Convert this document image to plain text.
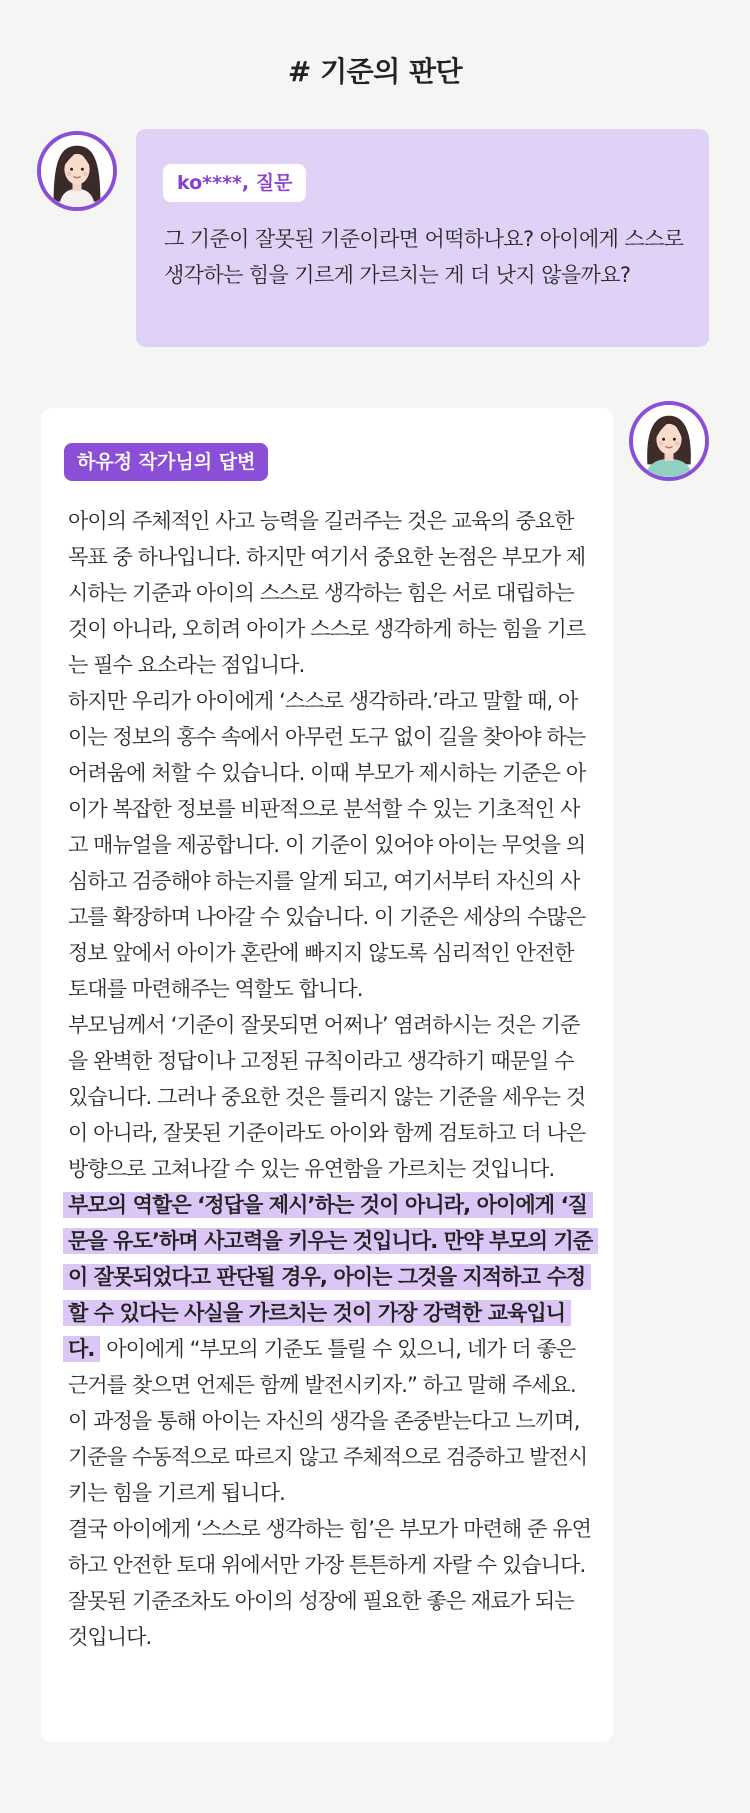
# 기준의 판단
ko****, 질문
그 기준이 잘못된 기준이라면 어떡하나요? 아이에게 스스로 생각하는 힘을 기르게 가르치는 게 더 낫지 않을까요?
하유정 작가님의 답변

아이의 주체적인 사고 능력을 길러주는 것은 교육의 중요한 목표 중 하나입니다. 하지만 여기서 중요한 논점은 부모가 제시하는 기준과 아이의 스스로 생각하는 힘은 서로 대립하는 것이 아니라, 오히려 아이가 스스로 생각하게 하는 힘을 기르는 필수 요소라는 점입니다.

하지만 우리가 아이에게 ‘스스로 생각하라.’라고 말할 때, 아이는 정보의 홍수 속에서 아무런 도구 없이 길을 찾아야 하는 어려움에 처할 수 있습니다. 이때 부모가 제시하는 기준은 아이가 복잡한 정보를 비판적으로 분석할 수 있는 기초적인 사고 매뉴얼을 제공합니다. 이 기준이 있어야 아이는 무엇을 의심하고 검증해야 하는지를 알게 되고, 여기서부터 자신의 사고를 확장하며 나아갈 수 있습니다. 이 기준은 세상의 수많은 정보 앞에서 아이가 혼란에 빠지지 않도록 심리적인 안전한 토대를 마련해주는 역할도 합니다.

부모님께서 ‘기준이 잘못되면 어쩌나’ 염려하시는 것은 기준을 완벽한 정답이나 고정된 규칙이라고 생각하기 때문일 수 있습니다. 그러나 중요한 것은 틀리지 않는 기준을 세우는 것이 아니라, 잘못된 기준이라도 아이와 함께 검토하고 더 나은 방향으로 고쳐나갈 수 있는 유연함을 가르치는 것입니다.

부모의 역할은 ‘정답을 제시’하는 것이 아니라, 아이에게 ‘질문을 유도’하며 사고력을 키우는 것입니다. 만약 부모의 기준이 잘못되었다고 판단될 경우, 아이는 그것을 지적하고 수정할 수 있다는 사실을 가르치는 것이 가장 강력한 교육입니다. 아이에게 “부모의 기준도 틀릴 수 있으니, 네가 더 좋은 근거를 찾으면 언제든 함께 발전시키자.” 하고 말해 주세요. 이 과정을 통해 아이는 자신의 생각을 존중받는다고 느끼며, 기준을 수동적으로 따르지 않고 주체적으로 검증하고 발전시키는 힘을 기르게 됩니다.

결국 아이에게 ‘스스로 생각하는 힘’은 부모가 마련해 준 유연하고 안전한 토대 위에서만 가장 튼튼하게 자랄 수 있습니다. 잘못된 기준조차도 아이의 성장에 필요한 좋은 재료가 되는 것입니다.
